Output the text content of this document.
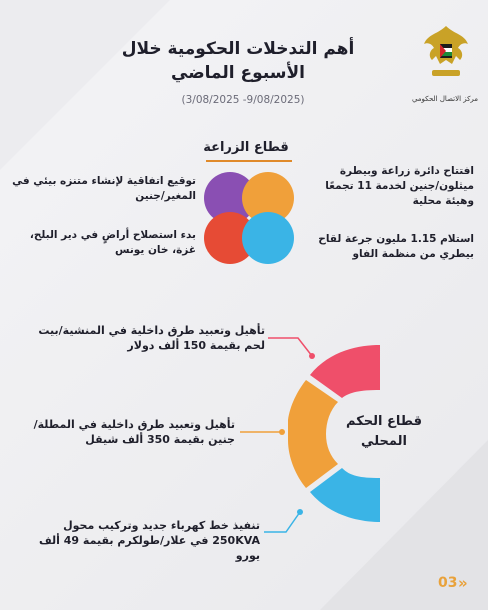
مركز الاتصال الحكومي
أهم التدخلات الحكومية خلال
الأسبوع الماضي
(3/08/2025 -9/08/2025)
قطاع الزراعة
افتتاح دائرة زراعة وبيطرة ميثلون/جنين لخدمة 11 تجمعًا وهيئة محلية
استلام 1.15 مليون جرعة لقاح بيطري من منظمة الفاو
توقيع اتفاقية لإنشاء متنزه بيئي في المغير/جنين
بدء استصلاح أراضٍ في دير البلح، غزة، خان يونس
قطاع الحكم
المحلي
تأهيل وتعبيد طرق داخلية في المنشية/بيت لحم بقيمة 150 ألف دولار
تأهيل وتعبيد طرق داخلية في المطلة/جنين بقيمة 350 ألف شيقل
تنفيذ خط كهرباء جديد وتركيب محول 250KVA في علار/طولكرم بقيمة 49 ألف يورو
03 »
